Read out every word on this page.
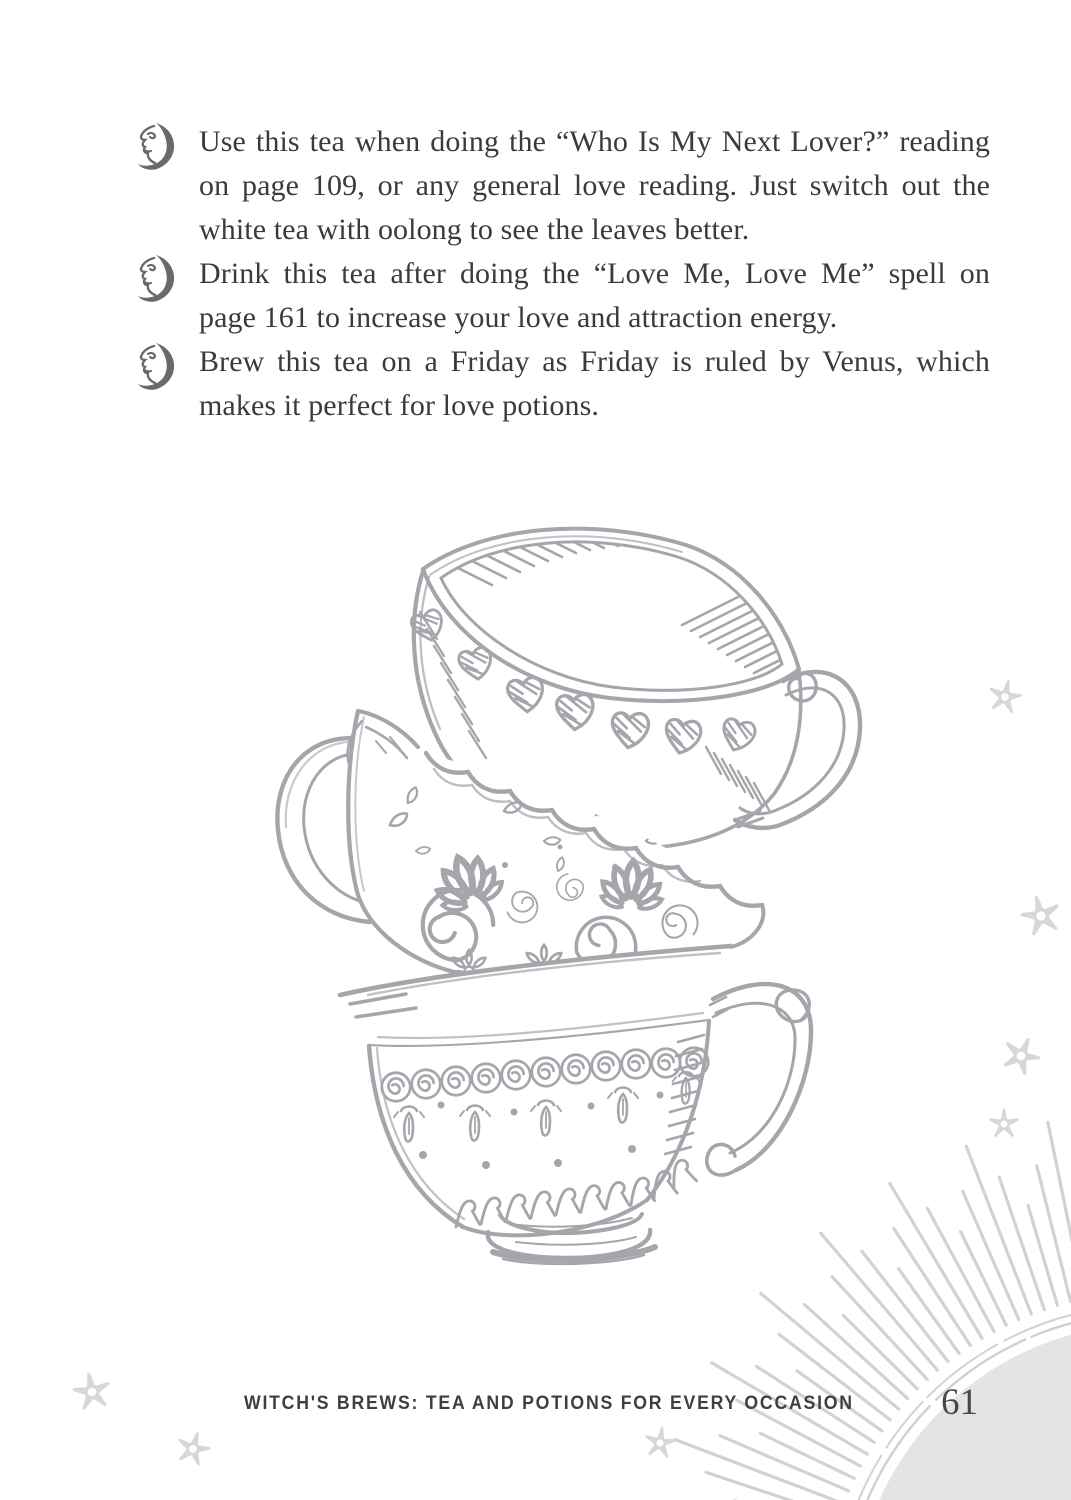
Use this tea when doing the “Who Is My Next Lover?” reading
on page 109, or any general love reading. Just switch out the
white tea with oolong to see the leaves better.
Drink this tea after doing the “Love Me, Love Me” spell on
page 161 to increase your love and attraction energy.
Brew this tea on a Friday as Friday is ruled by Venus, which
makes it perfect for love potions.
WITCH'S BREWS: TEA AND POTIONS FOR EVERY OCCASION 61
